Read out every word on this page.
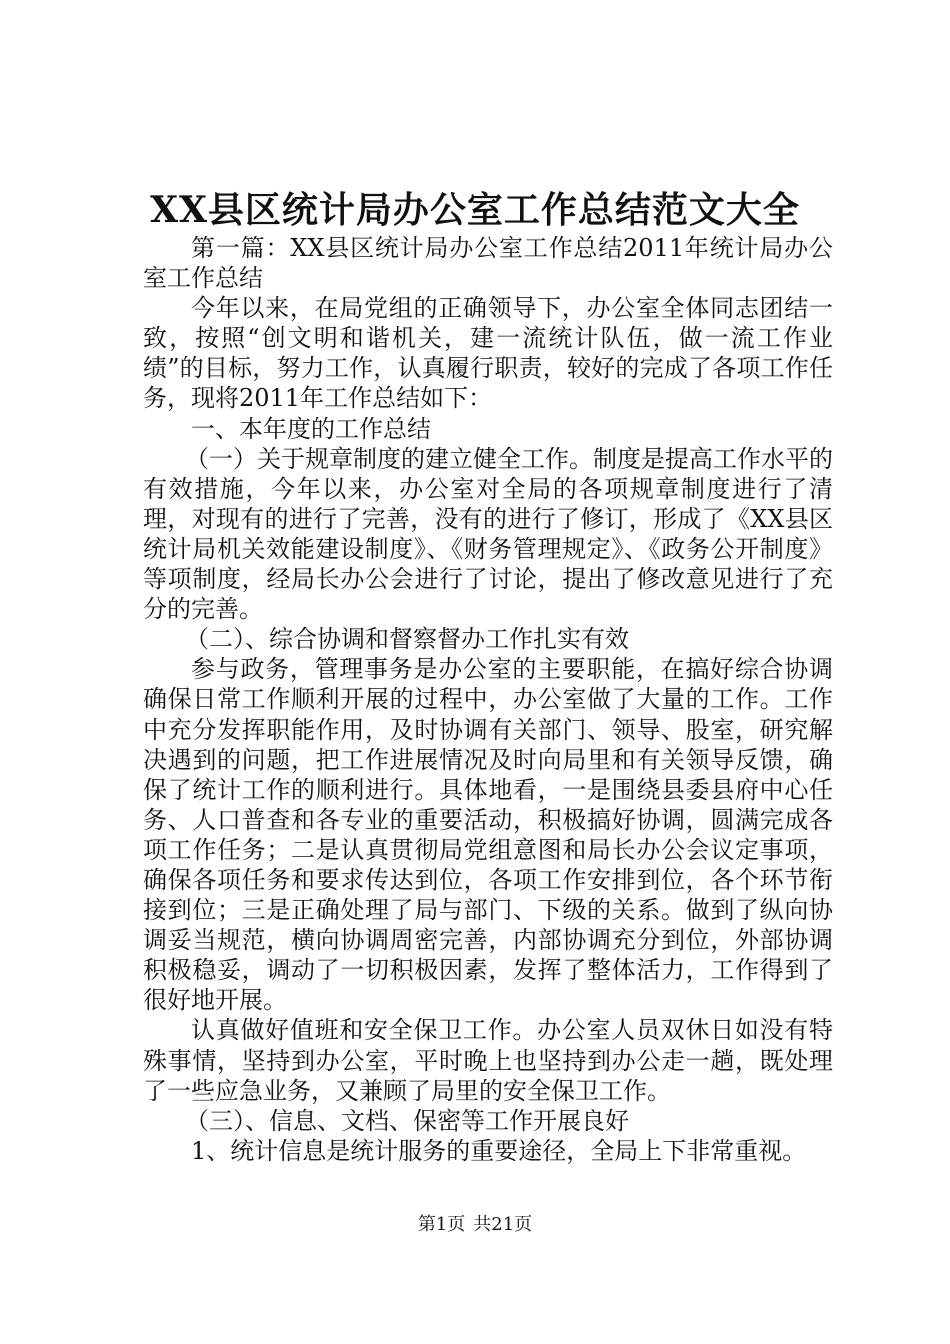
XX县区统计局办公室工作总结范文大全

第一篇：XX县区统计局办公室工作总结2011年统计局办公室工作总结

今年以来，在局党组的正确领导下，办公室全体同志团结一致，按照“创文明和谐机关，建一流统计队伍，做一流工作业绩”的目标，努力工作，认真履行职责，较好的完成了各项工作任务，现将2011年工作总结如下：

一、本年度的工作总结

（一）关于规章制度的建立健全工作。制度是提高工作水平的有效措施，今年以来，办公室对全局的各项规章制度进行了清理，对现有的进行了完善，没有的进行了修订，形成了《XX县区统计局机关效能建设制度》、《财务管理规定》、《政务公开制度》等项制度，经局长办公会进行了讨论，提出了修改意见进行了充分的完善。

（二）、综合协调和督察督办工作扎实有效

参与政务，管理事务是办公室的主要职能，在搞好综合协调确保日常工作顺利开展的过程中，办公室做了大量的工作。工作中充分发挥职能作用，及时协调有关部门、领导、股室，研究解决遇到的问题，把工作进展情况及时向局里和有关领导反馈，确保了统计工作的顺利进行。具体地看，一是围绕县委县府中心任务、人口普查和各专业的重要活动，积极搞好协调，圆满完成各项工作任务；二是认真贯彻局党组意图和局长办公会议定事项，确保各项任务和要求传达到位，各项工作安排到位，各个环节衔接到位；三是正确处理了局与部门、下级的关系。做到了纵向协调妥当规范，横向协调周密完善，内部协调充分到位，外部协调积极稳妥，调动了一切积极因素，发挥了整体活力，工作得到了很好地开展。

认真做好值班和安全保卫工作。办公室人员双休日如没有特殊事情，坚持到办公室，平时晚上也坚持到办公走一趟，既处理了一些应急业务，又兼顾了局里的安全保卫工作。

（三）、信息、文档、保密等工作开展良好

1、统计信息是统计服务的重要途径，全局上下非常重视。

第1页 共21页
